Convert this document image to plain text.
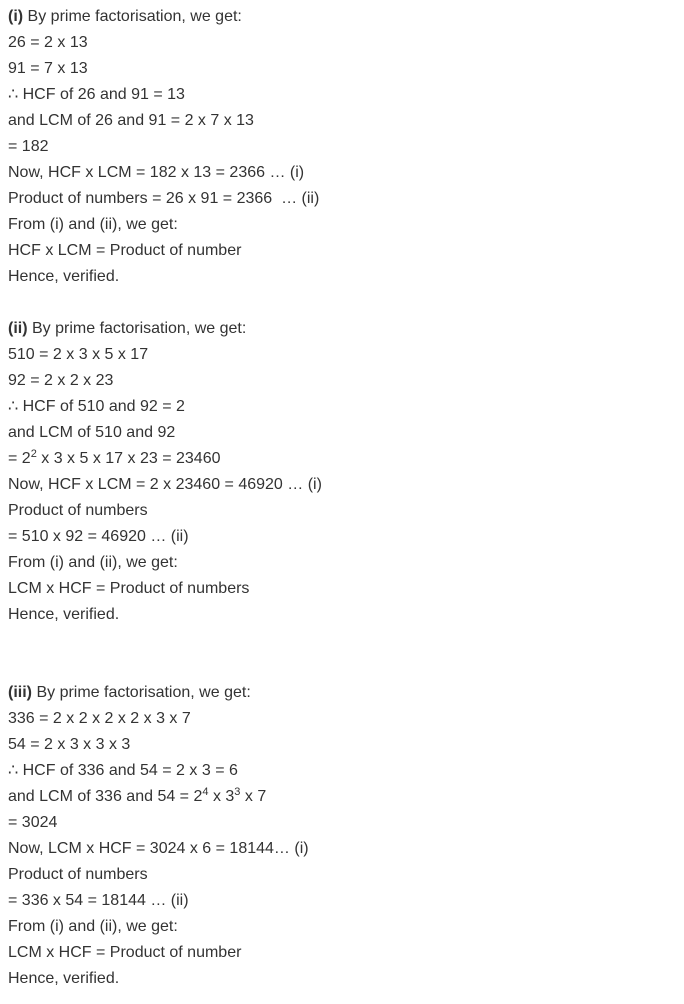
(i) By prime factorisation, we get:
26 = 2 x 13
91 = 7 x 13
∴ HCF of 26 and 91 = 13
and LCM of 26 and 91 = 2 x 7 x 13
= 182
Now, HCF x LCM = 182 x 13 = 2366 … (i)
Product of numbers = 26 x 91 = 2366  … (ii)
From (i) and (ii), we get:
HCF x LCM = Product of number
Hence, verified.
(ii) By prime factorisation, we get:
510 = 2 x 3 x 5 x 17
92 = 2 x 2 x 23
∴ HCF of 510 and 92 = 2
and LCM of 510 and 92
= $2^2$ x 3 x 5 x 17 x 23 = 23460
Now, HCF x LCM = 2 x 23460 = 46920 … (i)
Product of numbers
= 510 x 92 = 46920 … (ii)
From (i) and (ii), we get:
LCM x HCF = Product of numbers
Hence, verified.
(iii) By prime factorisation, we get:
336 = 2 x 2 x 2 x 2 x 3 x 7
54 = 2 x 3 x 3 x 3
∴ HCF of 336 and 54 = 2 x 3 = 6
and LCM of 336 and $54 = 2^4$ x $3^3$ x 7
= 3024
Now, LCM x HCF = 3024 x 6 = 18144… (i)
Product of numbers
= 336 x 54 = 18144 … (ii)
From (i) and (ii), we get:
LCM x HCF = Product of number
Hence, verified.
